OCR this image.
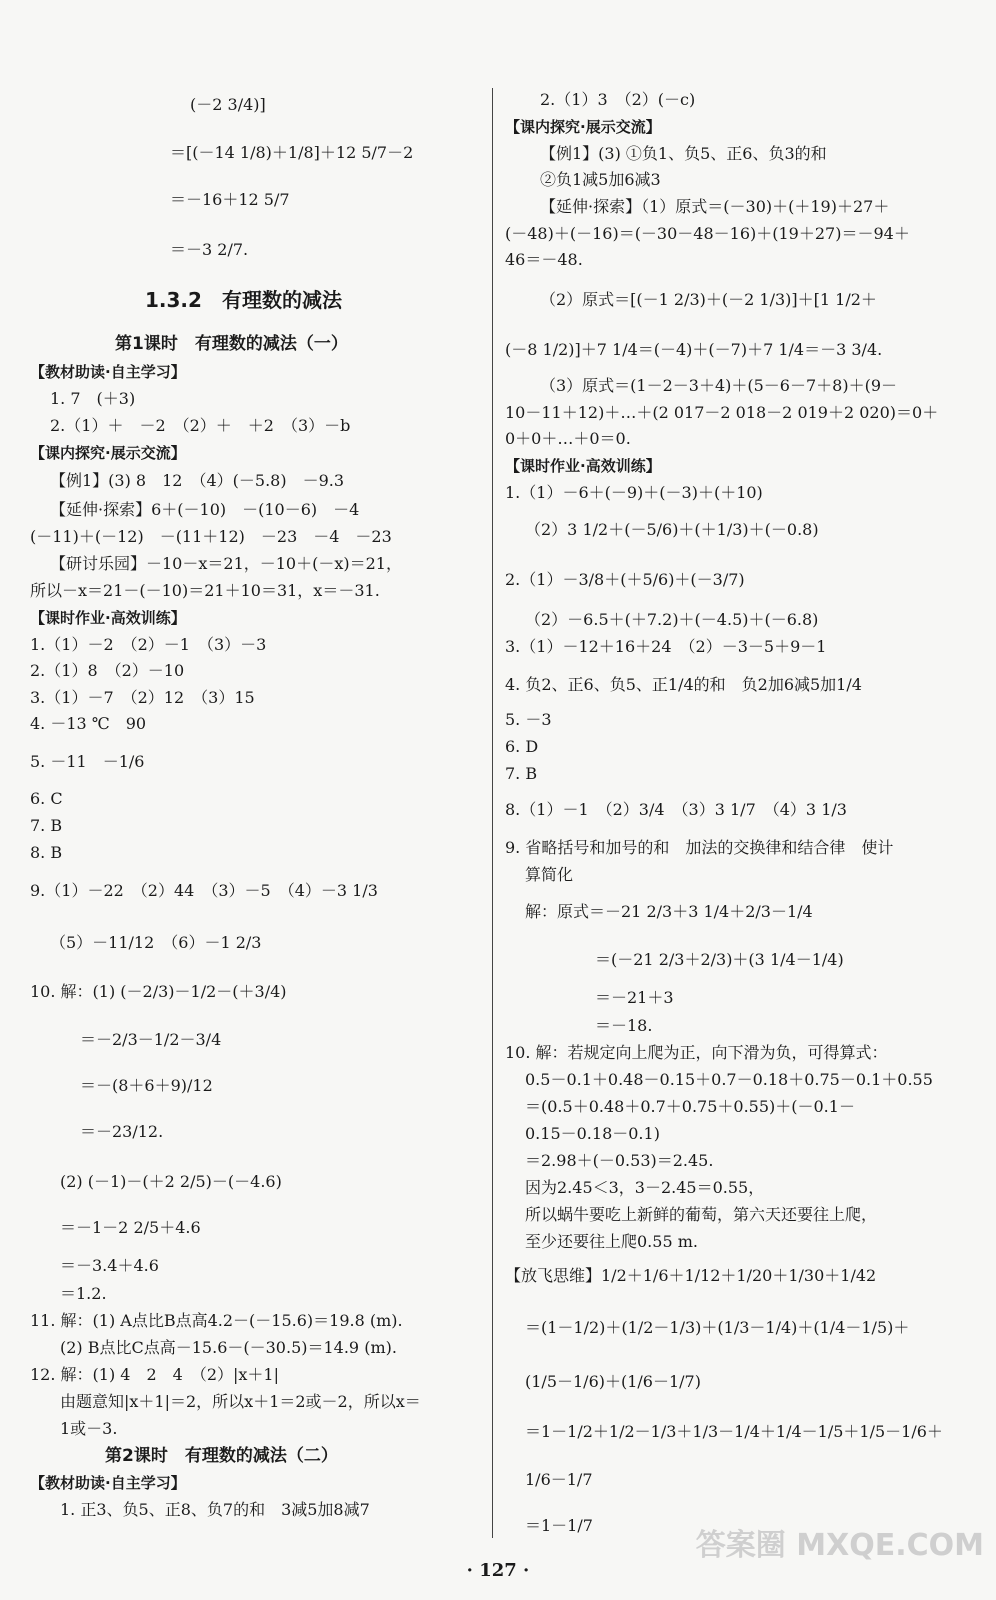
(－2 3/4)]
＝[(－14 1/8)＋1/8]＋12 5/7－2
＝－16＋12 5/7
＝－3 2/7.
1.3.2　有理数的减法
第1课时　有理数的减法（一）
【教材助读·自主学习】
1. 7　(＋3)
2.（1）＋　－2　（2）＋　＋2　（3）－b
【课内探究·展示交流】
【例1】(3) 8　12　（4）(－5.8)　－9.3
【延伸·探索】6＋(－10)　－(10－6)　－4
(－11)＋(－12)　－(11＋12)　－23　－4　－23
【研讨乐园】－10－x＝21，－10＋(－x)＝21，
所以－x＝21－(－10)＝21＋10＝31，x＝－31.
【课时作业·高效训练】
1.（1）－2　（2）－1　（3）－3
2.（1）8　（2）－10
3.（1）－7　（2）12　（3）15
4. －13 ℃　90
5. －11　－1/6
6. C
7. B
8. B
9.（1）－22　（2）44　（3）－5　（4）－3 1/3
（5）－11/12　（6）－1 2/3
10. 解：(1) (－2/3)－1/2－(＋3/4)
＝－2/3－1/2－3/4
＝－(8＋6＋9)/12
＝－23/12.
(2) (－1)－(＋2 2/5)－(－4.6)
＝－1－2 2/5＋4.6
＝－3.4＋4.6
＝1.2.
11. 解：(1) A点比B点高4.2－(－15.6)＝19.8 (m).
(2) B点比C点高－15.6－(－30.5)＝14.9 (m).
12. 解：(1) 4　2　4　（2）|x＋1|
由题意知|x＋1|＝2，所以x＋1＝2或－2，所以x＝
1或－3.
第2课时　有理数的减法（二）
【教材助读·自主学习】
1. 正3、负5、正8、负7的和　3减5加8减7
2.（1）3　（2）(－c)
【课内探究·展示交流】
【例1】(3) ①负1、负5、正6、负3的和
②负1减5加6减3
【延伸·探索】（1）原式＝(－30)＋(＋19)＋27＋
(－48)＋(－16)＝(－30－48－16)＋(19＋27)＝－94＋
46＝－48.
（2）原式＝[(－1 2/3)＋(－2 1/3)]＋[1 1/2＋
(－8 1/2)]＋7 1/4＝(－4)＋(－7)＋7 1/4＝－3 3/4.
（3）原式＝(1－2－3＋4)＋(5－6－7＋8)＋(9－
10－11＋12)＋…＋(2 017－2 018－2 019＋2 020)＝0＋
0＋0＋…＋0＝0.
【课时作业·高效训练】
1.（1）－6＋(－9)＋(－3)＋(＋10)
（2）3 1/2＋(－5/6)＋(＋1/3)＋(－0.8)
2.（1）－3/8＋(＋5/6)＋(－3/7)
（2）－6.5＋(＋7.2)＋(－4.5)＋(－6.8)
3.（1）－12＋16＋24　（2）－3－5＋9－1
4. 负2、正6、负5、正1/4的和　负2加6减5加1/4
5. －3
6. D
7. B
8.（1）－1　（2）3/4　（3）3 1/7　（4）3 1/3
9. 省略括号和加号的和　加法的交换律和结合律　使计
算简化
解：原式＝－21 2/3＋3 1/4＋2/3－1/4
＝(－21 2/3＋2/3)＋(3 1/4－1/4)
＝－21＋3
＝－18.
10. 解：若规定向上爬为正，向下滑为负，可得算式：
0.5－0.1＋0.48－0.15＋0.7－0.18＋0.75－0.1＋0.55
＝(0.5＋0.48＋0.7＋0.75＋0.55)＋(－0.1－
0.15－0.18－0.1)
＝2.98＋(－0.53)＝2.45.
因为2.45＜3，3－2.45＝0.55，
所以蜗牛要吃上新鲜的葡萄，第六天还要往上爬，
至少还要往上爬0.55 m.
【放飞思维】1/2＋1/6＋1/12＋1/20＋1/30＋1/42
＝(1－1/2)＋(1/2－1/3)＋(1/3－1/4)＋(1/4－1/5)＋
(1/5－1/6)＋(1/6－1/7)
＝1－1/2＋1/2－1/3＋1/3－1/4＋1/4－1/5＋1/5－1/6＋
1/6－1/7
＝1－1/7
· 127 ·
答案圈 MXQE.COM
